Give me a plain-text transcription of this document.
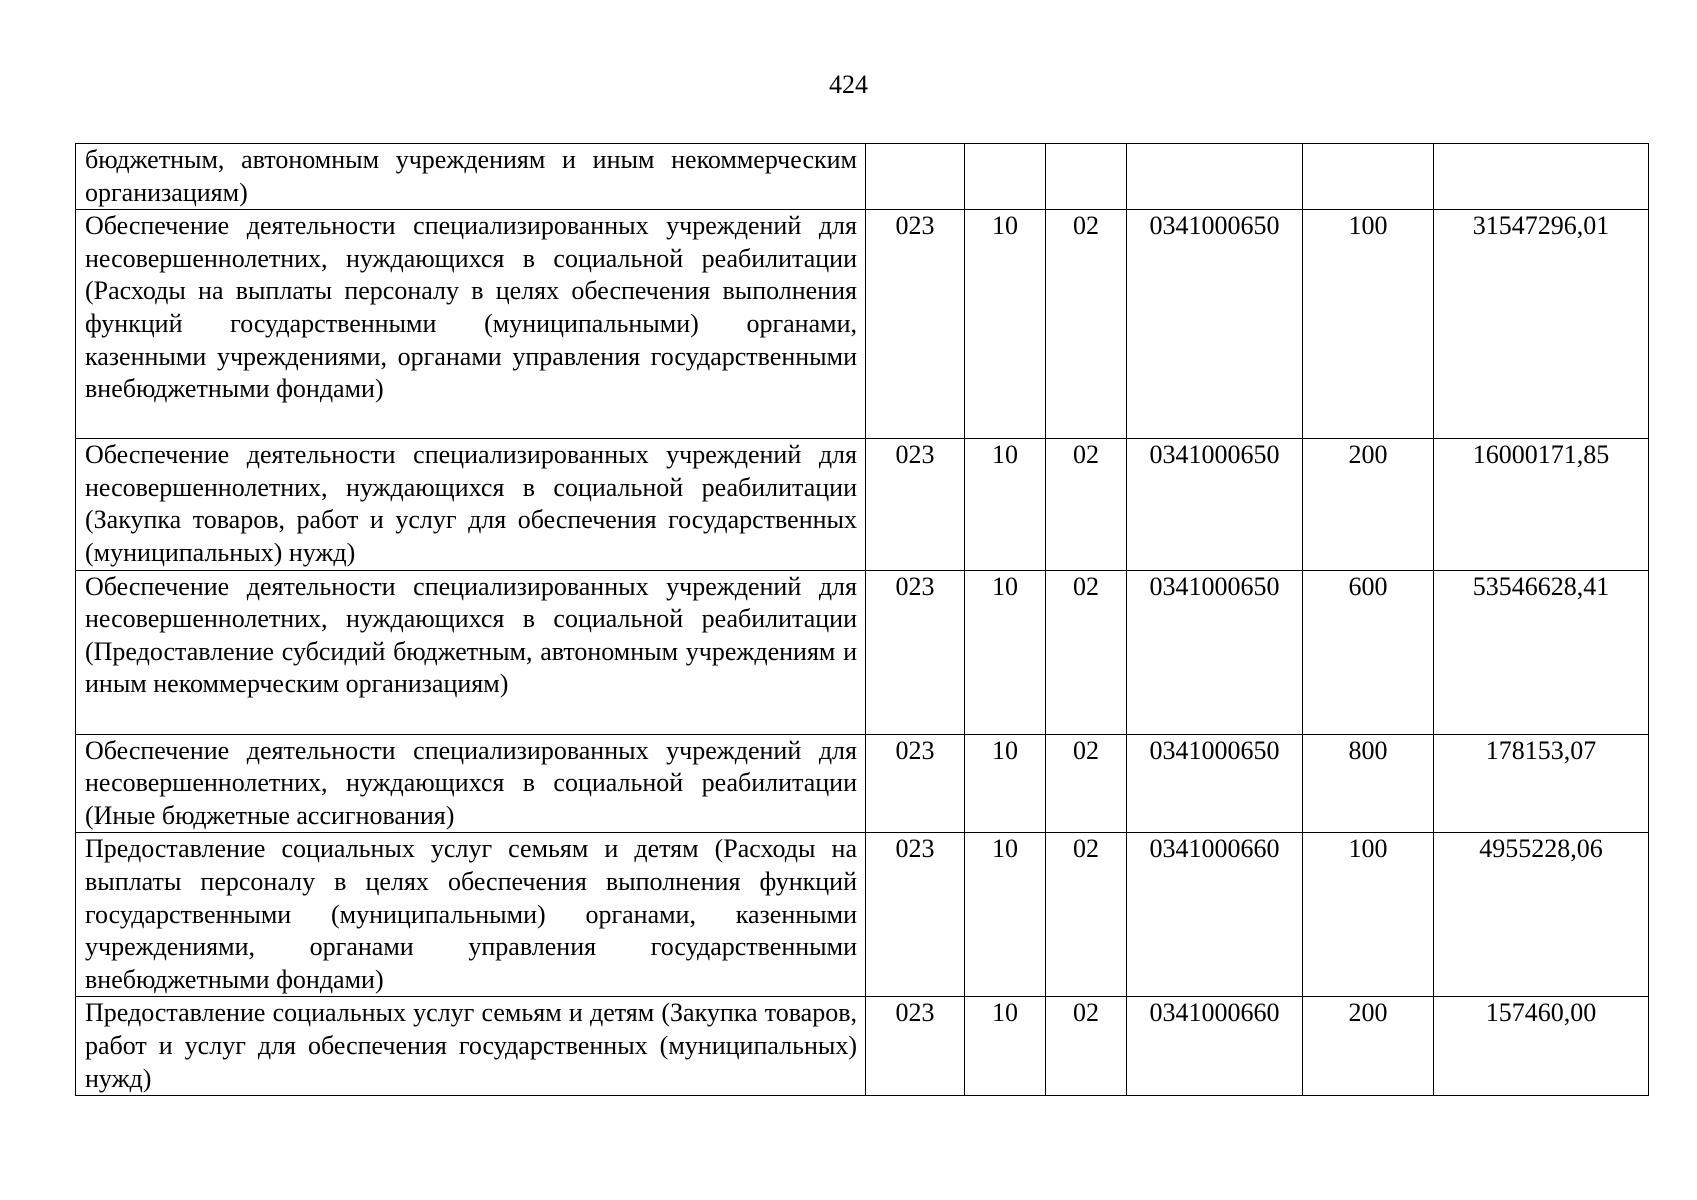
424
бюджетным, автономным учреждениям и иным некоммерческим организациям)						
Обеспечение деятельности специализированных учреждений для несовершеннолетних, нуждающихся в социальной реабилитации (Расходы на выплаты персоналу в целях обеспечения выполнения функций государственными (муниципальными) органами, казенными учреждениями, органами управления государственными внебюджетными фондами)	023	10	02	0341000650	100	31547296,01
Обеспечение деятельности специализированных учреждений для несовершеннолетних, нуждающихся в социальной реабилитации (Закупка товаров, работ и услуг для обеспечения государственных (муниципальных) нужд)	023	10	02	0341000650	200	16000171,85
Обеспечение деятельности специализированных учреждений для несовершеннолетних, нуждающихся в социальной реабилитации (Предоставление субсидий бюджетным, автономным учреждениям и иным некоммерческим организациям)	023	10	02	0341000650	600	53546628,41
Обеспечение деятельности специализированных учреждений для несовершеннолетних, нуждающихся в социальной реабилитации (Иные бюджетные ассигнования)	023	10	02	0341000650	800	178153,07
Предоставление социальных услуг семьям и детям (Расходы на выплаты персоналу в целях обеспечения выполнения функций государственными (муниципальными) органами, казенными учреждениями, органами управления государственными внебюджетными фондами)	023	10	02	0341000660	100	4955228,06
Предоставление социальных услуг семьям и детям (Закупка товаров, работ и услуг для обеспечения государственных (муниципальных) нужд)	023	10	02	0341000660	200	157460,00
